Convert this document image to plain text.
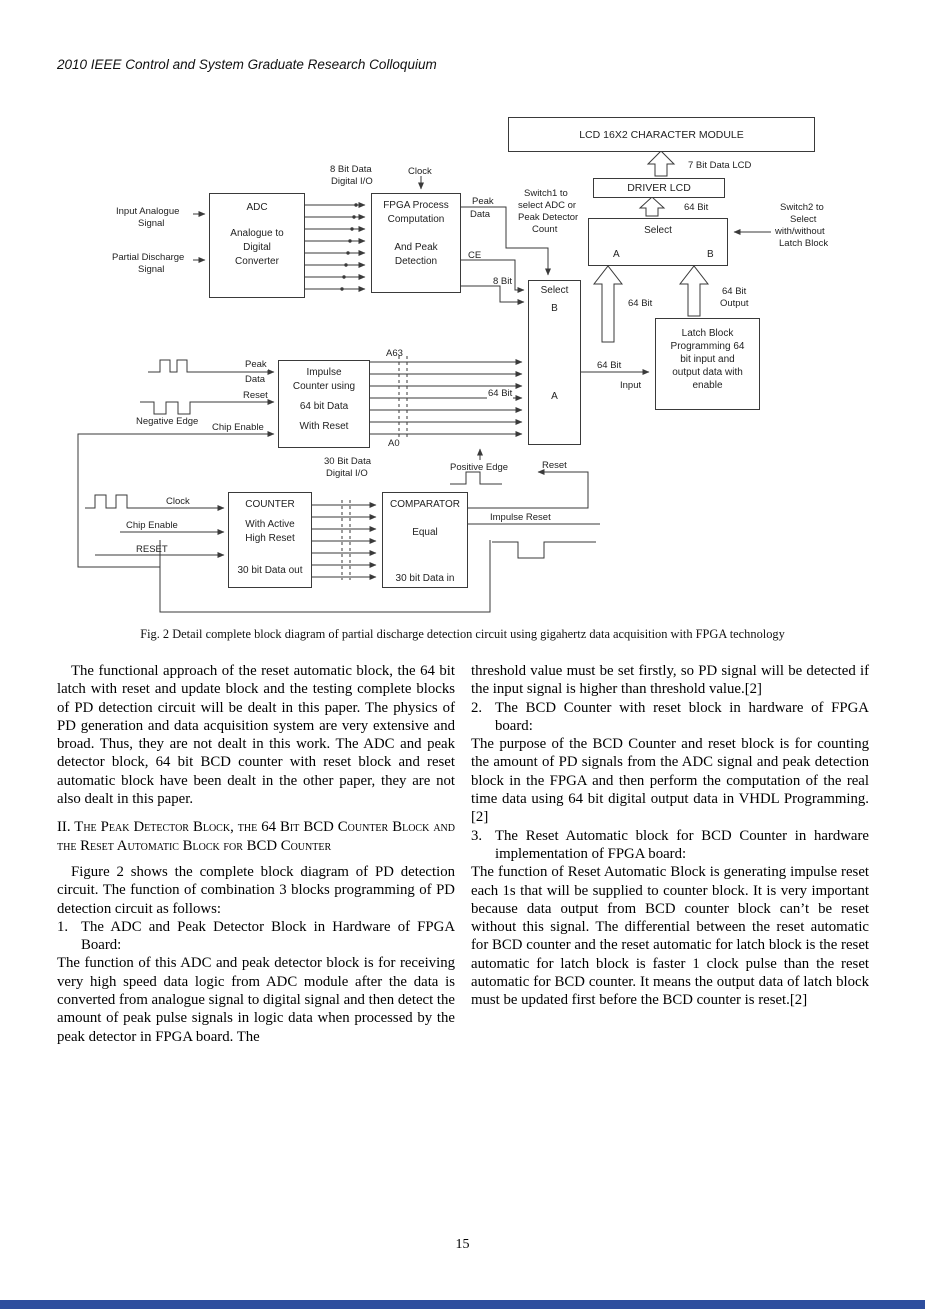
2010 IEEE Control and System Graduate Research Colloquium
LCD 16X2 CHARACTER MODULE
DRIVER LCD
Select
A	B
ADC
Analogue to
Digital
Converter
FPGA Process
Computation
And Peak
Detection
Select
B
A
Latch Block
Programming 64
bit input and
output data with
enable
Impulse
Counter using
64 bit Data
With Reset
COUNTER
With Active
High Reset
30 bit Data out
COMPARATOR
Equal
30 bit Data in
8 Bit Data
Digital I/O
Clock
Input Analogue
Signal
Partial Discharge
Signal
Peak
Data
Switch1 to
select ADC or
Peak Detector
Count
7 Bit Data LCD
64 Bit	Switch2 to
Select
with/without
Latch Block
CE
8 Bit
64 Bit
64 Bit
Output
A63
Peak
Data
Reset
Chip Enable
Negative Edge
64 Bit
A0
64 Bit
Input
Positive Edge	Reset
30 Bit Data
Digital I/O
Impulse Reset
Clock
Chip Enable
RESET
Fig. 2 Detail complete block diagram of partial discharge detection circuit using gigahertz data acquisition with FPGA technology

The functional approach of the reset automatic block, the 64 bit latch with reset and update block and the testing complete blocks of PD detection circuit will be dealt in this paper. The physics of PD generation and data acquisition system are very extensive and broad. Thus, they are not dealt in this work. The ADC and peak detector block, 64 bit BCD counter with reset block and reset automatic block have been dealt in the other paper, they are not also dealt in this paper.

II. The Peak Detector Block, the 64 Bit BCD Counter Block and the Reset Automatic Block for BCD Counter

Figure 2 shows the complete block diagram of PD detection circuit. The function of combination 3 blocks programming of PD detection circuit as follows:

1. The ADC and Peak Detector Block in Hardware of FPGA Board:

The function of this ADC and peak detector block is for receiving very high speed data logic from ADC module after the data is converted from analogue signal to digital signal and then detect the amount of peak pulse signals in logic data when processed by the peak detector in FPGA board. The

threshold value must be set firstly, so PD signal will be detected if the input signal is higher than threshold value.[2]

2. The BCD Counter with reset block in hardware of FPGA board:

The purpose of the BCD Counter and reset block is for counting the amount of PD signals from the ADC signal and peak detection block in the FPGA and then perform the computation of the real time data using 64 bit digital output data in VHDL Programming.[2]

3. The Reset Automatic block for BCD Counter in hardware implementation of FPGA board:

The function of Reset Automatic Block is generating impulse reset each 1s that will be supplied to counter block. It is very important because data output from BCD counter block can’t be reset without this signal. The differential between the reset automatic for BCD counter and the reset automatic for latch block is the reset automatic for latch block is faster 1 clock pulse than the reset automatic for BCD counter. It means the output data of latch block must be updated first before the BCD counter is reset.[2]

15
